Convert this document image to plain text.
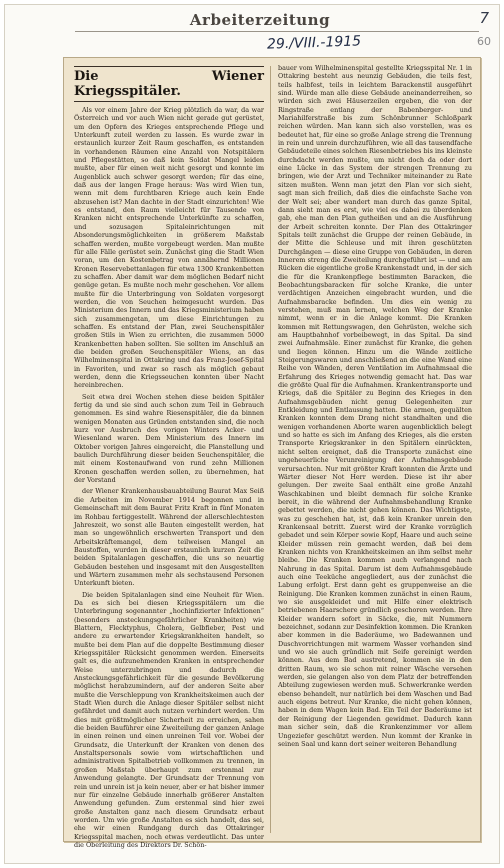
Arbeiterzeitung
29./VIII.-1915
7
60
Die Wiener Kriegsspitäler.

Als vor einem Jahre der Krieg plötzlich da war, da war Österreich und vor auch Wien nicht gerade gut gerüstet, um den Opfern des Krieges entsprechende Pflege und Unterkunft zuteil werden zu lassen. Es wurde zwar in erstaunlich kurzer Zeit Raum geschaffen, es entstanden in vorhandenen Räumen eine Anzahl von Notspitälern und Pflegestätten, so daß kein Soldat Mangel leiden mußte, aber für einen weit nicht gesorgt und konnte im Augenblick auch schwer gesorgt werden; für das eine, daß aus der langen Frage heraus: Was wird Wien tun, wenn mit dem furchtbaren Kriege auch kein Ende abzusehen ist? Man dachte in der Stadt einzurichten! Wie es entstand, den Raum vielleicht für Tausende von Kranken nicht entsprechende Unterkünfte zu schaffen, und sozusagen Spitaleinrichtungen mit Absonderungsmöglichkeiten in größerem Maßstab schaffen werden, mußte vorgebeugt werden. Man mußte für alle Fälle gerüstet sein. Zunächst ging die Stadt Wien voran, um den Kostenbetrag von annähernd Millionen Kronen Reservebettanlagen für etwa 1300 Krankenbetten zu schaffen. Aber damit war dem möglichen Bedarf nicht genüge getan. Es mußte noch mehr geschehen. Vor allem mußte für die Unterbringung von Soldaten vorgesorgt werden, die von Seuchen heimgesucht wurden. Das Ministerium des Innern und das Kriegsministerium haben sich zusammengetan, um diese Einrichtungen zu schaffen. Es entstand der Plan, zwei Seuchenspitäler großen Stils in Wien zu errichten, die zusammen 5000 Krankenbetten haben sollten. Sie sollten im Anschluß an die beiden großen Seuchenspitäler Wiens, an das Wilhelminenspital in Ottakring und das Franz-Josef-Spital in Favoriten, und zwar so rasch als möglich gebaut werden, denn die Kriegsseuchen konnten über Nacht hereinbrechen.

Seit etwa drei Wochen stehen diese beiden Spitäler fertig da und sie sind auch schon zum Teil in Gebrauch genommen. Es sind wahre Riesenspitäler, die da binnen wenigen Monaten aus Gründen entstanden sind, die noch kurz vor Ausbruch des vorigen Winters Acker- und Wiesenland waren. Dem Ministerium des Innern im Oktober vorigen Jahres eingereicht, die Planstellung und baulich Durchführung dieser beiden Seuchenspitäler, die mit einem Kostenaufwand von rund zehn Millionen Kronen geschaffen werden sollen, zu übernehmen, hat der Vorstand

der Wiener Krankenhausbauabteilung Baurat Max Seiß die Arbeiten im November 1914 begonnen und in Gemeinschaft mit dem Baurat Fritz Kraft in fünf Monaten im Rohbau fertiggestellt. Während der allerschlechtesten Jahreszeit, wo sonst alle Bauten eingestellt werden, hat man so ungewöhnlich erschwerten Transport und den Arbeitskräftemangel, dem teilweisen Mangel an Baustoffen, wurden in dieser erstaunlich kurzen Zeit die beiden Spitalanlagen geschaffen, die uns so neuartig Gebäuden bestehen und insgesamt mit den Ausgestellten und Wärtern zusammen mehr als sechstausend Personen Unterkunft bieten.

Die beiden Spitalanlagen sind eine Neuheit für Wien. Da es sich bei diesen Kriegsspitälern um die Unterbringung sogenannter „hochinfizierter Infektionen“ (besonders ansteckungsgefährlicher Krankheiten) wie Blattern, Flecktyphus, Cholera, Gelbfieber, Pest und andere zu erwartender Kriegskrankheiten handelt, so mußte bei dem Plan auf die doppelte Bestimmung dieser Kriegsspitäler Rücksicht genommen werden. Einerseits galt es, die aufzunehmenden Kranken in entsprechender Weise unterzubringen und dadurch die Ansteckungsgefährlichkeit für die gesunde Bevölkerung möglichst herabzumindern, auf der anderen Seite aber mußte die Verschleppung von Krankheitskeimen auch der Stadt Wien durch die Anlage dieser Spitäler selbst nicht gefährdet und damit auch nutzen verhindert werden. Um dies mit größtmöglicher Sicherheit zu erreichen, sahen die beiden Bauführer eine Zweiteilung der ganzen Anlage in einen reinen und einen unreinen Teil vor. Wobei der Grundsatz, die Unterkunft der Kranken von denen des Anstaltspersonals sowie vom wirtschaftlichen und administrativen Spitalbetrieb vollkommen zu trennen, in großen Maßstab überhaupt zum erstenmal zur Anwendung gelangte. Der Grundsatz der Trennung von rein und unrein ist ja kein neuer, aber er hat bisher immer nur für einzelne Gebäude innerhalb größerer Anstalten Anwendung gefunden. Zum erstenmal sind hier zwei große Anstalten ganz nach diesem Grundsatz erbaut worden. Um wie große Anstalten es sich handelt, das sei, ehe wir einen Rundgang durch das Ottakringer Kriegsspital machen, noch etwas verdeutlicht. Das unter die Oberleitung des Direktors Dr. Schön-

bauer vom Wilhelminenspital gestellte Kriegsspital Nr. 1 in Ottakring besteht aus neunzig Gebäuden, die teils fest, teils halbfest, teils in leichtem Barackenstil ausgeführt sind. Würde man alle diese Gebäude aneinanderreihen, so würden sich zwei Häuserzeilen ergeben, die von der Ringstraße entlang der Babenberger- und Mariahilferstraße bis zum Schönbrunner Schloßpark reichen würden. Man kann sich also vorstellen, was es bedeutet hat, für eine so große Anlage streng die Trennung in rein und unrein durchzuführen, wie all das tausendfache Gebäudeteile eines solchen Riesenbetriebes bis ins kleinste durchdacht werden mußte, um nicht doch da oder dort eine Lücke in das System der strengen Trennung zu bringen, wie der Arzt und Techniker miteinander zu Rate sitzen mußten. Wenn man jetzt den Plan vor sich sieht, sagt man sich freilich, daß dies die einfachste Sache von der Welt sei; aber wandert man durch das ganze Spital, dann sieht man es erst, wie viel es dabei zu überdenken gab, ehe man den Plan gutheißen und an die Ausführung der Arbeit schreiten konnte. Der Plan des Ottakringer Spitals teilt zunächst die Gruppe der reinen Gebäude, in der Mitte die Schleuse und mit ihren geschützten Durchgängen — diese eine Gruppe von Gebäuden, in deren Innerem streng die Zweiteilung durchgeführt ist — und am Rücken die eigentliche große Krankenstadt und, in der sich die für die Krankenpflege bestimmten Baracken, die Beobachtungsbaracken für solche Kranke, die unter verdächtigen Anzeichen eingebracht wurden, und die Aufnahmsbaracke befinden. Um dies ein wenig zu verstehen, muß man lernen, welchen Weg der Kranke nimmt, wenn er in die Anlage kommt. Die Kranken kommen mit Rettungswagen, den Gehrüsten, welche sich am Hauptbahnhof vorbeibewegt, in das Spital. Da sind zwei Aufnahmsäle. Einer zunächst für Kranke, die gehen und liegen können. Hinzu um die Wände zeitliche Steigerungswaren und anschließend an die eine Wand eine Reihe von Wänden, deren Ventilation im Aufnahmsaal die Erfahrung des Krieges notwendig gemacht hat. Das war die größte Qual für die Aufnahmen. Krankentransporte und Kriegs, daß die Spitäler zu Beginn des Krieges in den Aufnahmsgebäuden nicht genug Gelegenheiten zur Entkleidung und Entlausung hatten. Die armen, gequälten Kranken konnten dem Drang nicht standhalten und die wenigen vorhandenen Aborte waren augenblicklich belegt und so hatte es sich im Anfang des Krieges, als die ersten Transporte Kriegskranker in den Spitälern einrückten, nicht selten ereignet, daß die Transporte zunächst eine ungeheuerliche Verunreinigung der Aufnahmsgebäude verursachten. Nur mit größter Kraft konnten die Ärzte und Wärter dieser Not Herr werden. Diese ist ihr aber gelungen. Der zweite Saal enthält eine große Anzahl Waschkabinen und bleibt demnach für solche Kranke bereit, in die während der Aufnahmsbehandlung Kranke gebettet werden, die nicht gehen können. Das Wichtigste, was zu geschehen hat, ist, daß kein Kranker unrein den Krankensaal betritt. Zuerst wird der Kranke vorzüglich gebadet und sein Körper sowie Kopf, Haare und auch seine Kleider müssen rein gemacht werden, daß bei dem Kranken nichts von Krankheitskeimen an ihm selbst mehr bleibe. Die Kranken kommen auch verlangend nach Nahrung in das Spital. Darum ist dem Aufnahmsgebäude auch eine Teeküche angegliedert, aus der zunächst die Labung erfolgt. Erst dann geht es gruppenweise an die Reinigung. Die Kranken kommen zunächst in einen Raum, wo sie ausgekleidet und mit Hilfe einer elektrisch betriebenen Haarschere gründlich geschoren werden. Ihre Kleider wandern sofort in Säcke, die, mit Nummern bezeichnet, sodann zur Desinfektion kommen. Die Kranken aber kommen in die Baderäume, wo Badewannen und Duschvorrichtungen mit warmem Wasser vorhanden sind und wo sie auch gründlich mit Seife gereinigt werden können. Aus dem Bad austretend, kommen sie in den dritten Raum, wo sie schon mit reiner Wäsche versehen werden, sie gelangen also von dem Platz der betreffenden Abteilung zugewiesen werden muß. Schwerkranke werden ebenso behandelt, nur natürlich bei dem Waschen und Bad auch eigens betreut. Nur Kranke, die nicht gehen können, haben in dem Wagen kein Bad. Ein Teil der Baderäume ist der Reinigung der Liegenden gewidmet. Dadurch kann man sicher sein, daß die Krankenzimmer vor allem Ungeziefer geschützt werden. Nun kommt der Kranke in seinen Saal und kann dort seiner weiteren Behandlung
